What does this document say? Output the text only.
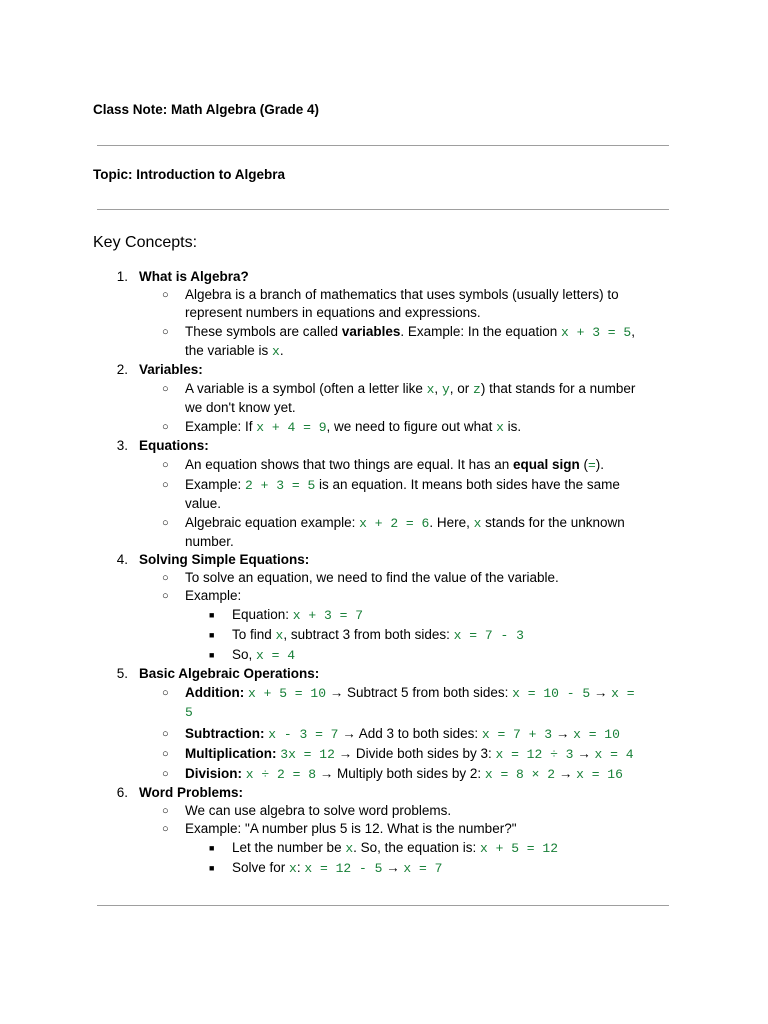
Class Note: Math Algebra (Grade 4)
Topic: Introduction to Algebra
Key Concepts:
1. What is Algebra?
○ Algebra is a branch of mathematics that uses symbols (usually letters) to
represent numbers in equations and expressions.
○ These symbols are called variables. Example: In the equation x + 3 = 5,
the variable is x.
2. Variables:
○ A variable is a symbol (often a letter like x, y, or z) that stands for a number
we don't know yet.
○ Example: If x + 4 = 9, we need to figure out what x is.
3. Equations:
○ An equation shows that two things are equal. It has an equal sign (=).
○ Example: 2 + 3 = 5 is an equation. It means both sides have the same
value.
○ Algebraic equation example: x + 2 = 6. Here, x stands for the unknown
number.
4. Solving Simple Equations:
○ To solve an equation, we need to find the value of the variable.
○ Example:
■ Equation: x + 3 = 7
■ To find x, subtract 3 from both sides: x = 7 - 3
■ So, x = 4
5. Basic Algebraic Operations:
○ Addition: x + 5 = 10 → Subtract 5 from both sides: x = 10 - 5 → x =
5
○ Subtraction: x - 3 = 7 → Add 3 to both sides: x = 7 + 3 → x = 10
○ Multiplication: 3x = 12 → Divide both sides by 3: x = 12 ÷ 3 → x = 4
○ Division: x ÷ 2 = 8 → Multiply both sides by 2: x = 8 × 2 → x = 16
6. Word Problems:
○ We can use algebra to solve word problems.
○ Example: "A number plus 5 is 12. What is the number?"
■ Let the number be x. So, the equation is: x + 5 = 12
■ Solve for x: x = 12 - 5 → x = 7
